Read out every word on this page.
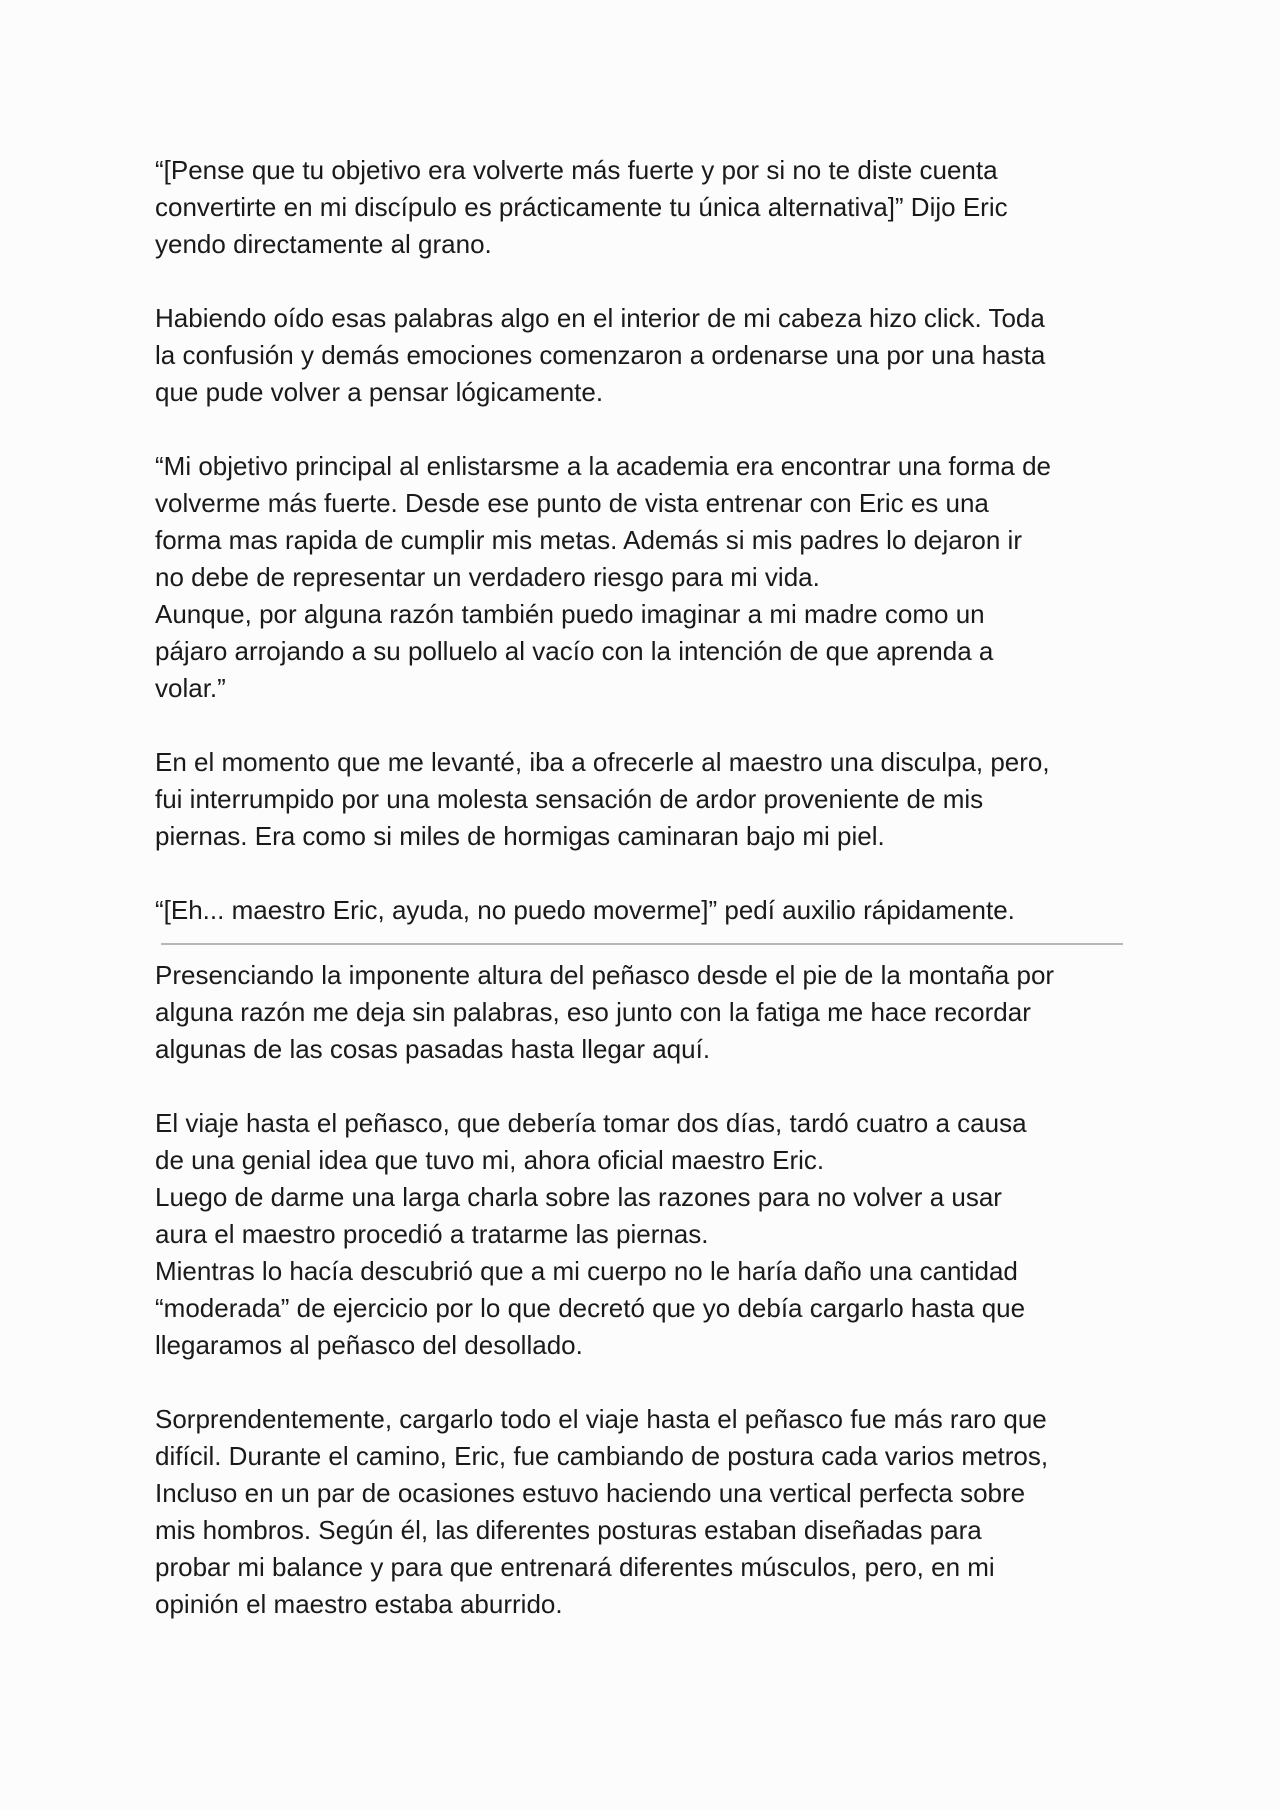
“[Pense que tu objetivo era volverte más fuerte y por si no te diste cuenta
convertirte en mi discípulo es prácticamente tu única alternativa]” Dijo Eric
yendo directamente al grano.

Habiendo oído esas palabras algo en el interior de mi cabeza hizo click. Toda
la confusión y demás emociones comenzaron a ordenarse una por una hasta
que pude volver a pensar lógicamente.

“Mi objetivo principal al enlistarsme a la academia era encontrar una forma de
volverme más fuerte. Desde ese punto de vista entrenar con Eric es una
forma mas rapida de cumplir mis metas. Además si mis padres lo dejaron ir
no debe de representar un verdadero riesgo para mi vida.
Aunque, por alguna razón también puedo imaginar a mi madre como un
pájaro arrojando a su polluelo al vacío con la intención de que aprenda a
volar.”

En el momento que me levanté, iba a ofrecerle al maestro una disculpa, pero,
fui interrumpido por una molesta sensación de ardor proveniente de mis
piernas. Era como si miles de hormigas caminaran bajo mi piel.

“[Eh... maestro Eric, ayuda, no puedo moverme]” pedí auxilio rápidamente.

Presenciando la imponente altura del peñasco desde el pie de la montaña por
alguna razón me deja sin palabras, eso junto con la fatiga me hace recordar
algunas de las cosas pasadas hasta llegar aquí.

El viaje hasta el peñasco, que debería tomar dos días, tardó cuatro a causa
de una genial idea que tuvo mi, ahora oficial maestro Eric.
Luego de darme una larga charla sobre las razones para no volver a usar
aura el maestro procedió a tratarme las piernas.
Mientras lo hacía descubrió que a mi cuerpo no le haría daño una cantidad
“moderada” de ejercicio por lo que decretó que yo debía cargarlo hasta que
llegaramos al peñasco del desollado.

Sorprendentemente, cargarlo todo el viaje hasta el peñasco fue más raro que
difícil. Durante el camino, Eric, fue cambiando de postura cada varios metros,
Incluso en un par de ocasiones estuvo haciendo una vertical perfecta sobre
mis hombros. Según él, las diferentes posturas estaban diseñadas para
probar mi balance y para que entrenará diferentes músculos, pero, en mi
opinión el maestro estaba aburrido.
